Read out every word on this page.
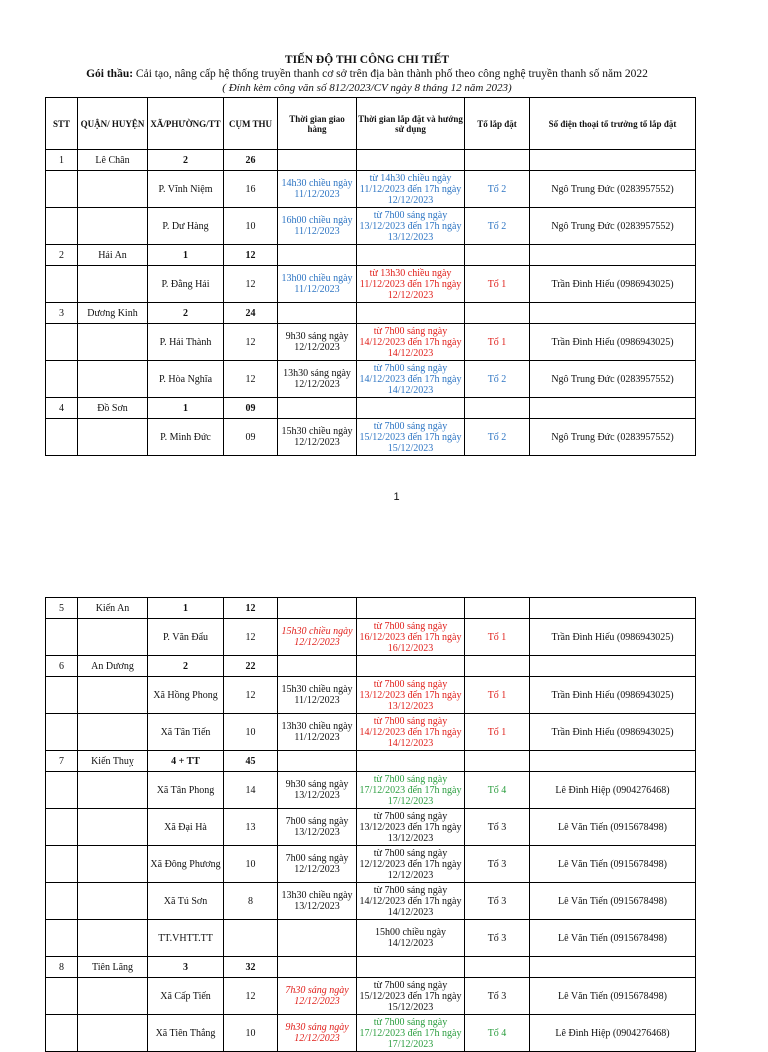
TIẾN ĐỘ THI CÔNG CHI TIẾT
Gói thầu: Cải tạo, nâng cấp hệ thống truyền thanh cơ sở trên địa bàn thành phố theo công nghệ truyền thanh số năm 2022
( Đính kèm công văn số 812/2023/CV ngày 8 tháng 12 năm 2023)
STT	QUẬN/ HUYỆN	XÃ/PHƯỜNG/TT	CỤM THU	Thời gian giao hàng	Thời gian lắp đặt và hướng sử dụng	Tổ lắp đặt	Số điện thoại tổ trưởng tổ lắp đặt
1	Lê Chân	2	26				
		P. Vĩnh Niệm	16	14h30 chiều ngày 11/12/2023	từ 14h30 chiều ngày 11/12/2023 đến 17h ngày 12/12/2023	Tổ 2	Ngô Trung Đức (0283957552)
		P. Dư Hàng	10	16h00 chiều ngày 11/12/2023	từ 7h00 sáng ngày 13/12/2023 đến 17h ngày 13/12/2023	Tổ 2	Ngô Trung Đức (0283957552)
2	Hải An	1	12				
		P. Đằng Hải	12	13h00 chiều ngày 11/12/2023	từ 13h30 chiều ngày 11/12/2023 đến 17h ngày 12/12/2023	Tổ 1	Trần Đình Hiếu (0986943025)
3	Dương Kinh	2	24				
		P. Hải Thành	12	9h30 sáng ngày 12/12/2023	từ 7h00 sáng ngày 14/12/2023 đến 17h ngày 14/12/2023	Tổ 1	Trần Đình Hiếu (0986943025)
		P. Hòa Nghĩa	12	13h30 sáng ngày 12/12/2023	từ 7h00 sáng ngày 14/12/2023 đến 17h ngày 14/12/2023	Tổ 2	Ngô Trung Đức (0283957552)
4	Đồ Sơn	1	09				
		P. Minh Đức	09	15h30 chiều ngày 12/12/2023	từ 7h00 sáng ngày 15/12/2023 đến 17h ngày 15/12/2023	Tổ 2	Ngô Trung Đức (0283957552)
1
5	Kiến An	1	12				
		P. Văn Đẩu	12	15h30 chiều ngày 12/12/2023	từ 7h00 sáng ngày 16/12/2023 đến 17h ngày 16/12/2023	Tổ 1	Trần Đình Hiếu (0986943025)
6	An Dương	2	22				
		Xã Hồng Phong	12	15h30 chiều ngày 11/12/2023	từ 7h00 sáng ngày 13/12/2023 đến 17h ngày 13/12/2023	Tổ 1	Trần Đình Hiếu (0986943025)
		Xã Tân Tiến	10	13h30 chiều ngày 11/12/2023	từ 7h00 sáng ngày 14/12/2023 đến 17h ngày 14/12/2023	Tổ 1	Trần Đình Hiếu (0986943025)
7	Kiến Thuỵ	4 + TT	45				
		Xã Tân Phong	14	9h30 sáng ngày 13/12/2023	từ 7h00 sáng ngày 17/12/2023 đến 17h ngày 17/12/2023	Tổ 4	Lê Đình Hiệp (0904276468)
		Xã Đại Hà	13	7h00 sáng ngày 13/12/2023	từ 7h00 sáng ngày 13/12/2023 đến 17h ngày 13/12/2023	Tổ 3	Lê Văn Tiến (0915678498)
		Xã Đông Phương	10	7h00 sáng ngày 12/12/2023	từ 7h00 sáng ngày 12/12/2023 đến 17h ngày 12/12/2023	Tổ 3	Lê Văn Tiến (0915678498)
		Xã Tú Sơn	8	13h30 chiều ngày 13/12/2023	từ 7h00 sáng ngày 14/12/2023 đến 17h ngày 14/12/2023	Tổ 3	Lê Văn Tiến (0915678498)
		TT.VHTT.TT			15h00 chiều ngày 14/12/2023	Tổ 3	Lê Văn Tiến (0915678498)
8	Tiên Lãng	3	32				
		Xã Cấp Tiến	12	7h30 sáng ngày 12/12/2023	từ 7h00 sáng ngày 15/12/2023 đến 17h ngày 15/12/2023	Tổ 3	Lê Văn Tiến (0915678498)
		Xã Tiên Thắng	10	9h30 sáng ngày 12/12/2023	từ 7h00 sáng ngày 17/12/2023 đến 17h ngày 17/12/2023	Tổ 4	Lê Đình Hiệp (0904276468)
